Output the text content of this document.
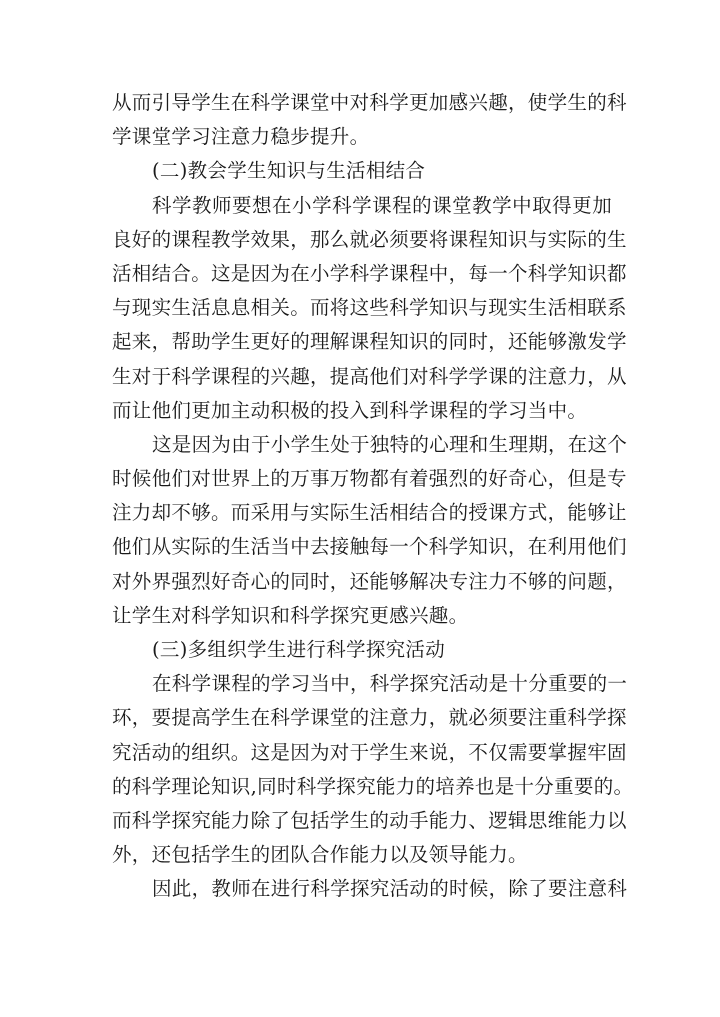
从而引导学生在科学课堂中对科学更加感兴趣，使学生的科
学课堂学习注意力稳步提升。
(二)教会学生知识与生活相结合
科学教师要想在小学科学课程的课堂教学中取得更加
良好的课程教学效果，那么就必须要将课程知识与实际的生
活相结合。这是因为在小学科学课程中，每一个科学知识都
与现实生活息息相关。而将这些科学知识与现实生活相联系
起来，帮助学生更好的理解课程知识的同时，还能够激发学
生对于科学课程的兴趣，提高他们对科学学课的注意力，从
而让他们更加主动积极的投入到科学课程的学习当中。
这是因为由于小学生处于独特的心理和生理期，在这个
时候他们对世界上的万事万物都有着强烈的好奇心，但是专
注力却不够。而采用与实际生活相结合的授课方式，能够让
他们从实际的生活当中去接触每一个科学知识，在利用他们
对外界强烈好奇心的同时，还能够解决专注力不够的问题，
让学生对科学知识和科学探究更感兴趣。
(三)多组织学生进行科学探究活动
在科学课程的学习当中，科学探究活动是十分重要的一
环，要提高学生在科学课堂的注意力，就必须要注重科学探
究活动的组织。这是因为对于学生来说，不仅需要掌握牢固
的科学理论知识,同时科学探究能力的培养也是十分重要的。
而科学探究能力除了包括学生的动手能力、逻辑思维能力以
外，还包括学生的团队合作能力以及领导能力。
因此，教师在进行科学探究活动的时候，除了要注意科
